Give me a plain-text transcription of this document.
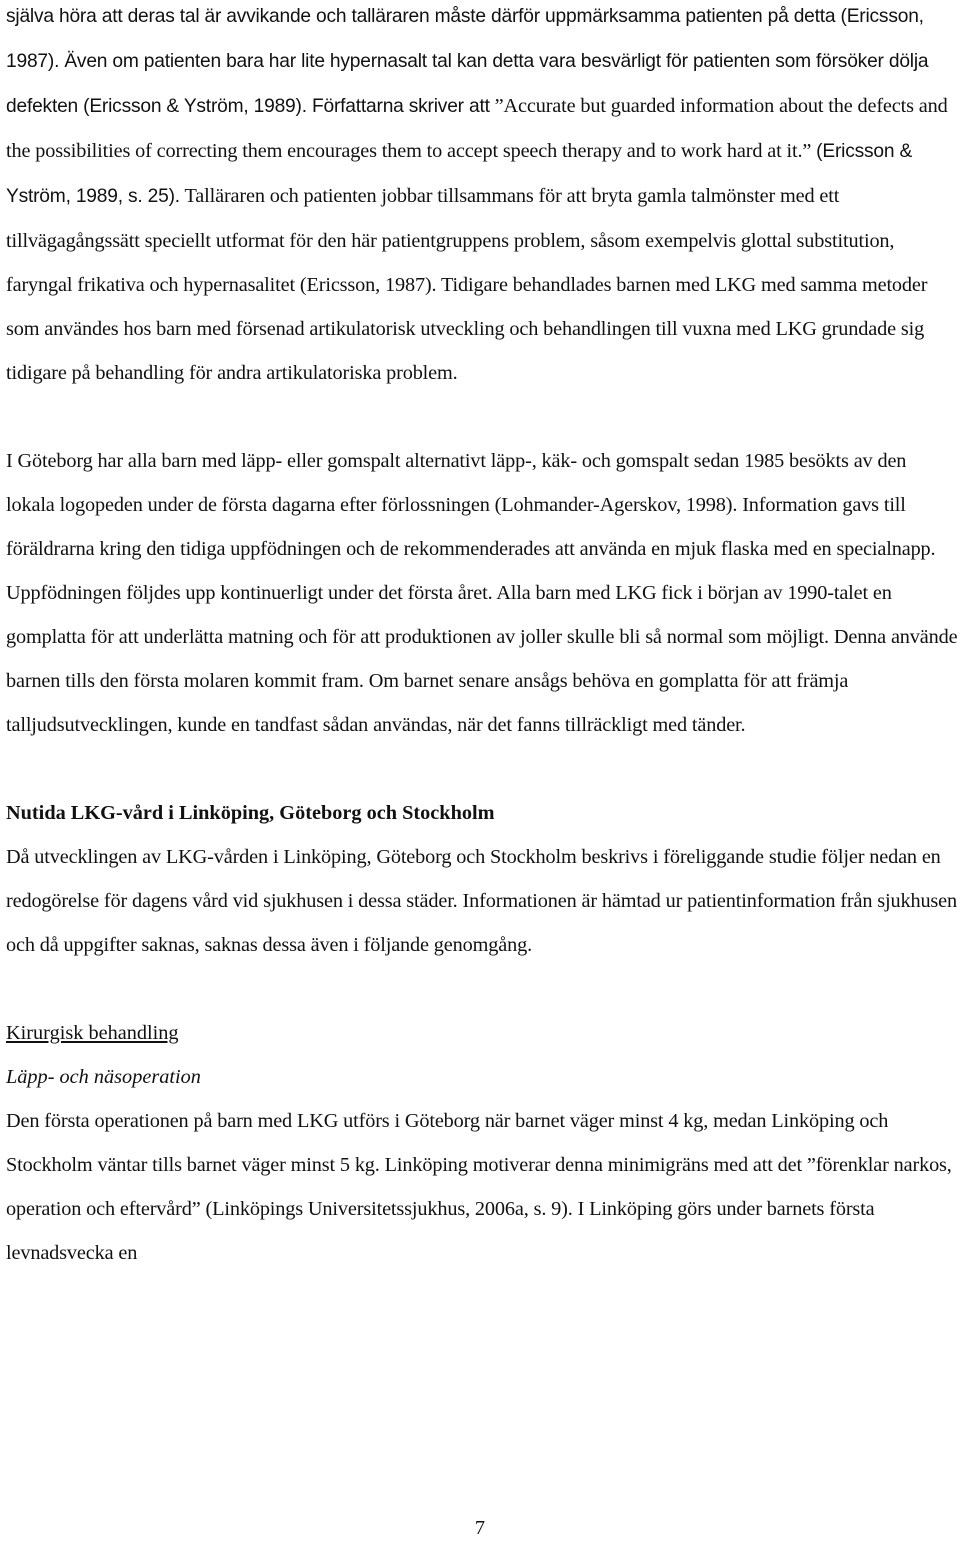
själva höra att deras tal är avvikande och talläraren måste därför uppmärksamma patienten på detta (Ericsson, 1987). Även om patienten bara har lite hypernasalt tal kan detta vara besvärligt för patienten som försöker dölja defekten (Ericsson & Yström, 1989). Författarna skriver att ”Accurate but guarded information about the defects and the possibilities of correcting them encourages them to accept speech therapy and to work hard at it.” (Ericsson & Yström, 1989, s. 25). Talläraren och patienten jobbar tillsammans för att bryta gamla talmönster med ett tillvägagångssätt speciellt utformat för den här patientgruppens problem, såsom exempelvis glottal substitution, faryngal frikativa och hypernasalitet (Ericsson, 1987). Tidigare behandlades barnen med LKG med samma metoder som användes hos barn med försenad artikulatorisk utveckling och behandlingen till vuxna med LKG grundade sig tidigare på behandling för andra artikulatoriska problem.

I Göteborg har alla barn med läpp- eller gomspalt alternativt läpp-, käk- och gomspalt sedan 1985 besökts av den lokala logopeden under de första dagarna efter förlossningen (Lohmander-Agerskov, 1998). Information gavs till föräldrarna kring den tidiga uppfödningen och de rekommenderades att använda en mjuk flaska med en specialnapp. Uppfödningen följdes upp kontinuerligt under det första året. Alla barn med LKG fick i början av 1990-talet en gomplatta för att underlätta matning och för att produktionen av joller skulle bli så normal som möjligt. Denna använde barnen tills den första molaren kommit fram. Om barnet senare ansågs behöva en gomplatta för att främja talljudsutvecklingen, kunde en tandfast sådan användas, när det fanns tillräckligt med tänder.

Nutida LKG-vård i Linköping, Göteborg och Stockholm

Då utvecklingen av LKG-vården i Linköping, Göteborg och Stockholm beskrivs i föreliggande studie följer nedan en redogörelse för dagens vård vid sjukhusen i dessa städer. Informationen är hämtad ur patientinformation från sjukhusen och då uppgifter saknas, saknas dessa även i följande genomgång.

Kirurgisk behandling

Läpp- och näsoperation

Den första operationen på barn med LKG utförs i Göteborg när barnet väger minst 4 kg, medan Linköping och Stockholm väntar tills barnet väger minst 5 kg. Linköping motiverar denna minimigräns med att det ”förenklar narkos, operation och eftervård” (Linköpings Universitetssjukhus, 2006a, s. 9). I Linköping görs under barnets första levnadsvecka en

7
